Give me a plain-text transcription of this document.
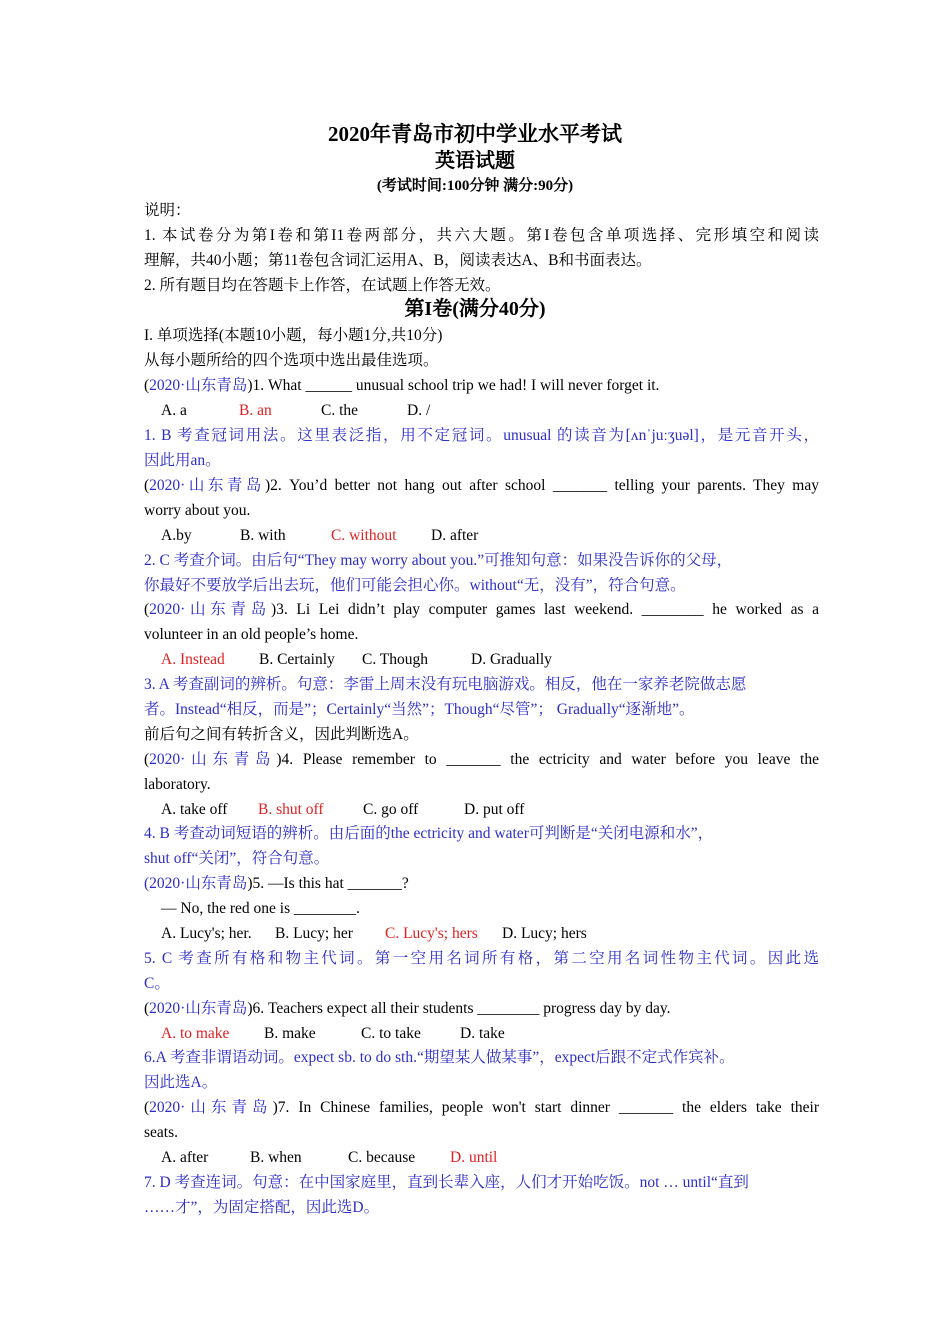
2020年青岛市初中学业水平考试
英语试题
(考试时间:100分钟 满分:90分)
说明：
1. 本试卷分为第I卷和第I1卷两部分，共六大题。第I卷包含单项选择、完形填空和阅读
理解，共40小题；第11卷包含词汇运用A、B，阅读表达A、B和书面表达。
2. 所有题目均在答题卡上作答，在试题上作答无效。
第I卷(满分40分)
I. 单项选择(本题10小题，每小题1分,共10分)
从每小题所给的四个选项中选出最佳选项。
(2020·山东青岛)1. What ______ unusual school trip we had! I will never forget it.
A. a	B. an	C. the	D. /
1. B 考查冠词用法。这里表泛指，用不定冠词。unusual 的读音为[ʌnˈjuːʒuəl]，是元音开头，
因此用an。
(2020·山东青岛)2. You’d better not hang out after school _______ telling your parents. They may
worry about you.
A.by	B. with	C. without D. after
2. C 考查介词。由后句“They may worry about you.”可推知句意：如果没告诉你的父母，
你最好不要放学后出去玩，他们可能会担心你。without“无，没有”，符合句意。
(2020·山东青岛)3. Li Lei didn’t play computer games last weekend. ________ he worked as a
volunteer in an old people’s home.
A. Instead B. Certainly C. Though	D. Gradually
3. A 考查副词的辨析。句意：李雷上周末没有玩电脑游戏。相反，他在一家养老院做志愿
者。Instead“相反，而是”；Certainly“当然”；Though“尽管”； Gradually“逐渐地”。
前后句之间有转折含义，因此判断选A。
(2020·山东青岛)4. Please remember to _______ the ectricity and water before you leave the
laboratory.
A. take off B. shut off	C. go off	D. put off
4. B 考查动词短语的辨析。由后面的the ectricity and water可判断是“关闭电源和水”，
shut off“关闭”，符合句意。
(2020·山东青岛)5. —Is this hat _______?
— No, the red one is ________.
A. Lucy's; her. B. Lucy; her C. Lucy's; hers D. Lucy; hers
5. C 考查所有格和物主代词。第一空用名词所有格，第二空用名词性物主代词。因此选
C。
(2020·山东青岛)6. Teachers expect all their students ________ progress day by day.
A. to make B. make	C. to take	D. take
6.A 考查非谓语动词。expect sb. to do sth.“期望某人做某事”，expect后跟不定式作宾补。
因此选A。
(2020·山东青岛)7. In Chinese families, people won't start dinner _______ the elders take their
seats.
A. after	B. when	C. because D. until
7. D 考查连词。句意：在中国家庭里，直到长辈入座，人们才开始吃饭。not … until“直到
……才”，为固定搭配，因此选D。
